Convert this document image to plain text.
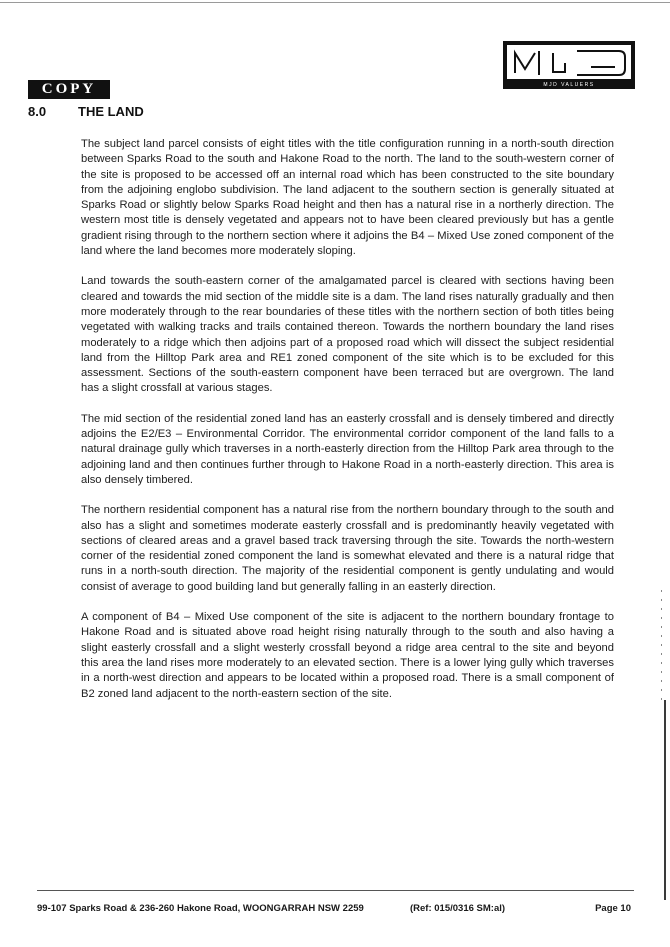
MJD VALUERS
COPY
8.0	THE LAND

The subject land parcel consists of eight titles with the title configuration running in a north-south direction between Sparks Road to the south and Hakone Road to the north. The land to the south-western corner of the site is proposed to be accessed off an internal road which has been constructed to the site boundary from the adjoining englobo subdivision. The land adjacent to the southern section is generally situated at Sparks Road or slightly below Sparks Road height and then has a natural rise in a northerly direction. The western most title is densely vegetated and appears not to have been cleared previously but has a gentle gradient rising through to the northern section where it adjoins the B4 – Mixed Use zoned component of the land where the land becomes more moderately sloping.

Land towards the south-eastern corner of the amalgamated parcel is cleared with sections having been cleared and towards the mid section of the middle site is a dam. The land rises naturally gradually and then more moderately through to the rear boundaries of these titles with the northern section of both titles being vegetated with walking tracks and trails contained thereon. Towards the northern boundary the land rises moderately to a ridge which then adjoins part of a proposed road which will dissect the subject residential land from the Hilltop Park area and RE1 zoned component of the site which is to be excluded for this assessment. Sections of the south-eastern component have been terraced but are overgrown. The land has a slight crossfall at various stages.

The mid section of the residential zoned land has an easterly crossfall and is densely timbered and directly adjoins the E2/E3 – Environmental Corridor. The environmental corridor component of the land falls to a natural drainage gully which traverses in a north-easterly direction from the Hilltop Park area through to the adjoining land and then continues further through to Hakone Road in a north-easterly direction. This area is also densely timbered.

The northern residential component has a natural rise from the northern boundary through to the south and also has a slight and sometimes moderate easterly crossfall and is predominantly heavily vegetated with sections of cleared areas and a gravel based track traversing through the site. Towards the north-western corner of the residential zoned component the land is somewhat elevated and there is a natural ridge that runs in a north-south direction. The majority of the residential component is gently undulating and would consist of average to good building land but generally falling in an easterly direction.

A component of B4 – Mixed Use component of the site is adjacent to the northern boundary frontage to Hakone Road and is situated above road height rising naturally through to the south and also having a slight easterly crossfall and a slight westerly crossfall beyond a ridge area central to the site and beyond this area the land rises more moderately to an elevated section. There is a lower lying gully which traverses in a north-west direction and appears to be located within a proposed road. There is a small component of B2 zoned land adjacent to the north-eastern section of the site.

99-107 Sparks Road & 236-260 Hakone Road, WOONGARRAH NSW 2259	(Ref: 015/0316 SM:al)	Page 10
